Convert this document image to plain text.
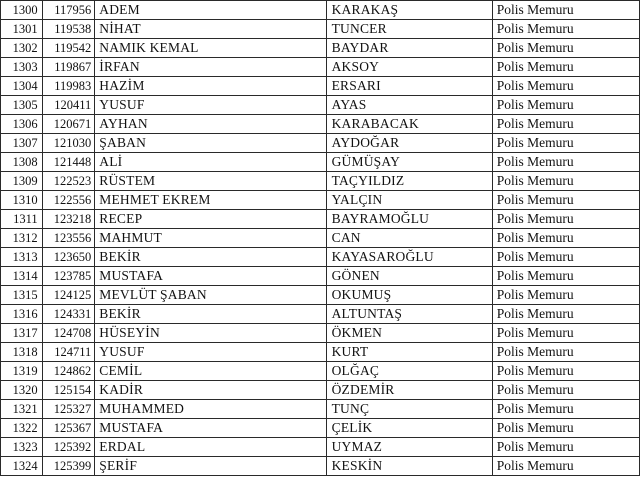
1300	117956	ADEM	KARAKAŞ	Polis Memuru
1301	119538	NİHAT	TUNCER	Polis Memuru
1302	119542	NAMIK KEMAL	BAYDAR	Polis Memuru
1303	119867	İRFAN	AKSOY	Polis Memuru
1304	119983	HAZİM	ERSARI	Polis Memuru
1305	120411	YUSUF	AYAS	Polis Memuru
1306	120671	AYHAN	KARABACAK	Polis Memuru
1307	121030	ŞABAN	AYDOĞAR	Polis Memuru
1308	121448	ALİ	GÜMÜŞAY	Polis Memuru
1309	122523	RÜSTEM	TAÇYILDIZ	Polis Memuru
1310	122556	MEHMET EKREM	YALÇIN	Polis Memuru
1311	123218	RECEP	BAYRAMOĞLU	Polis Memuru
1312	123556	MAHMUT	CAN	Polis Memuru
1313	123650	BEKİR	KAYASAROĞLU	Polis Memuru
1314	123785	MUSTAFA	GÖNEN	Polis Memuru
1315	124125	MEVLÜT ŞABAN	OKUMUŞ	Polis Memuru
1316	124331	BEKİR	ALTUNTAŞ	Polis Memuru
1317	124708	HÜSEYİN	ÖKMEN	Polis Memuru
1318	124711	YUSUF	KURT	Polis Memuru
1319	124862	CEMİL	OLĞAÇ	Polis Memuru
1320	125154	KADİR	ÖZDEMİR	Polis Memuru
1321	125327	MUHAMMED	TUNÇ	Polis Memuru
1322	125367	MUSTAFA	ÇELİK	Polis Memuru
1323	125392	ERDAL	UYMAZ	Polis Memuru
1324	125399	ŞERİF	KESKİN	Polis Memuru
